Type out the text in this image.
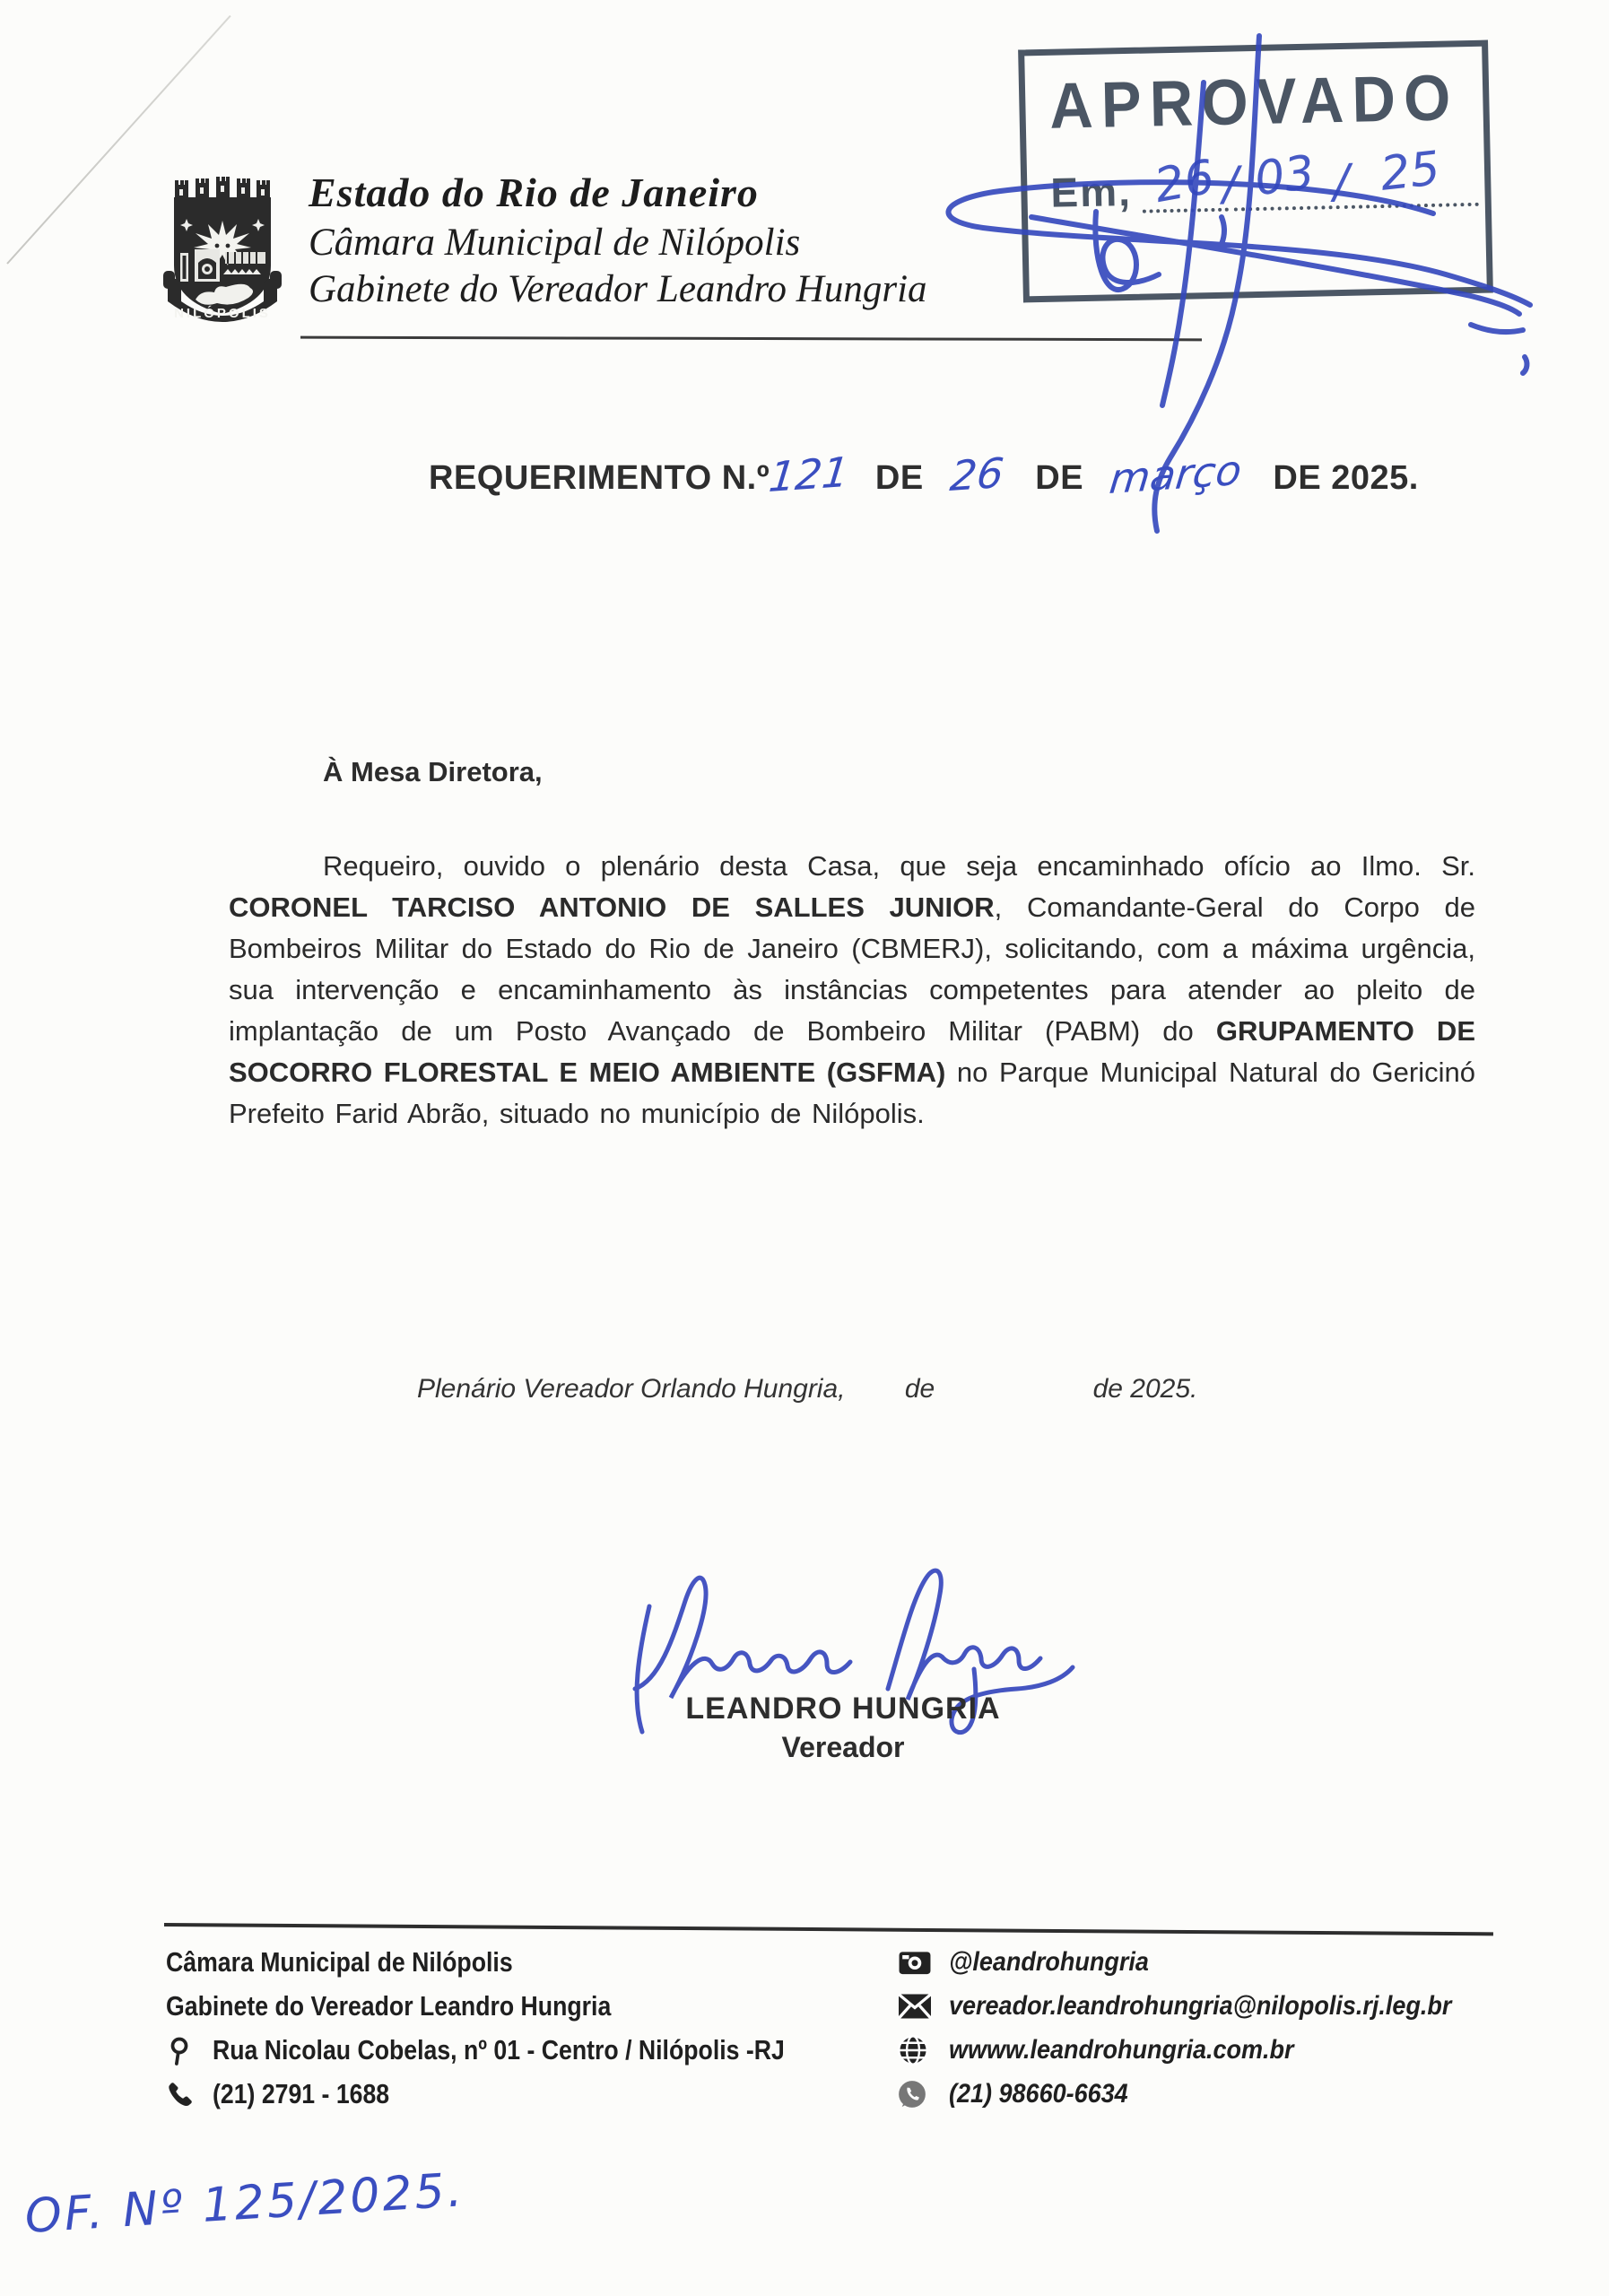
NILÓPOLIS
Estado do Rio de Janeiro
Câmara Municipal de Nilópolis
Gabinete do Vereador Leandro Hungria
APROVADO
Em, 26 / 03 / 25
REQUERIMENTO N.º
121 DE 26 DE março DE 2025.
À Mesa Diretora,

Requeiro, ouvido o plenário desta Casa, que seja encaminhado ofício ao Ilmo. Sr. CORONEL TARCISO ANTONIO DE SALLES JUNIOR, Comandante-Geral do Corpo de Bombeiros Militar do Estado do Rio de Janeiro (CBMERJ), solicitando, com a máxima urgência, sua intervenção e encaminhamento às instâncias competentes para atender ao pleito de implantação de um Posto Avançado de Bombeiro Militar (PABM) do GRUPAMENTO DE SOCORRO FLORESTAL E MEIO AMBIENTE (GSFMA) no Parque Municipal Natural do Gericinó Prefeito Farid Abrão, situado no município de Nilópolis.

Plenário Vereador Orlando Hungria, de	de 2025.
LEANDRO HUNGRIA
Vereador
Câmara Municipal de Nilópolis
Gabinete do Vereador Leandro Hungria
Rua Nicolau Cobelas, nº 01 - Centro / Nilópolis -RJ
(21) 2791 - 1688
@leandrohungria
vereador.leandrohungria@nilopolis.rj.leg.br
wwww.leandrohungria.com.br
(21) 98660-6634
OF. Nº 125/2025.
